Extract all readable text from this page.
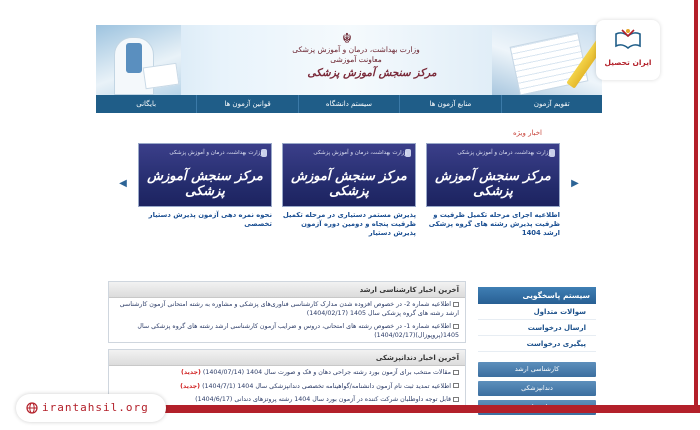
☬
وزارت بهداشت، درمان و آموزش پزشکی
معاونت آموزشی
مرکز سنجش آموزش پزشکی
تقویم آزمون
منابع آزمون ها
سیستم دانشگاه
قوانین آزمون ها
بایگانی
اخبار ویژه
◀	▶
وزارت بهداشت، درمان و آموزش پزشکی
مرکز سنجش آموزش پزشکی
اطلاعیه اجرای مرحله تکمیل ظرفیت و ظرفیت پذیرش رشته های گروه پزشکی ارشد 1404
وزارت بهداشت، درمان و آموزش پزشکی
مرکز سنجش آموزش پزشکی
پذیرش مستمر دستیاری در مرحله تکمیل ظرفیت پنجاه و دومین دوره آزمون پذیرش دستیار
وزارت بهداشت، درمان و آموزش پزشکی
مرکز سنجش آموزش پزشکی
نحوه نمره دهی آزمون پذیرش دستیار تخصصی
آخرین اخبار کارشناسی ارشد
اطلاعیه شماره 2- در خصوص افزوده شدن مدارک کارشناسی فناوری‌های پزشکی و مشاوره به رشته امتحانی آزمون کارشناسی ارشد رشته های گروه پزشکی سال 1405 (1404/02/17)
اطلاعیه شماره 1- در خصوص رشته های امتحانی، دروس و ضرایب آزمون کارشناسی ارشد رشته های گروه پزشکی سال 1405(پروپوزال)(1404/02/17)
آخرین اخبار دندانپزشکی
مقالات منتخب برای آزمون بورد رشته جراحی دهان و فک و صورت سال 1404 (1404/07/14) (جدید)
اطلاعیه تمدید ثبت نام آزمون دانشنامه/گواهینامه تخصصی دندانپزشکی سال 1404 (1404/7/1) (جدید)
قابل توجه داوطلبان شرکت کننده در آزمون بورد سال 1404 رشته پروتزهای دندانی (1404/6/17)
سیستم پاسخگویی
سوالات متداول
ارسال درخواست
پیگیری درخواست
کارشناسی ارشد
دندانپزشکی
ایران تحصیل
irantahsil.org
